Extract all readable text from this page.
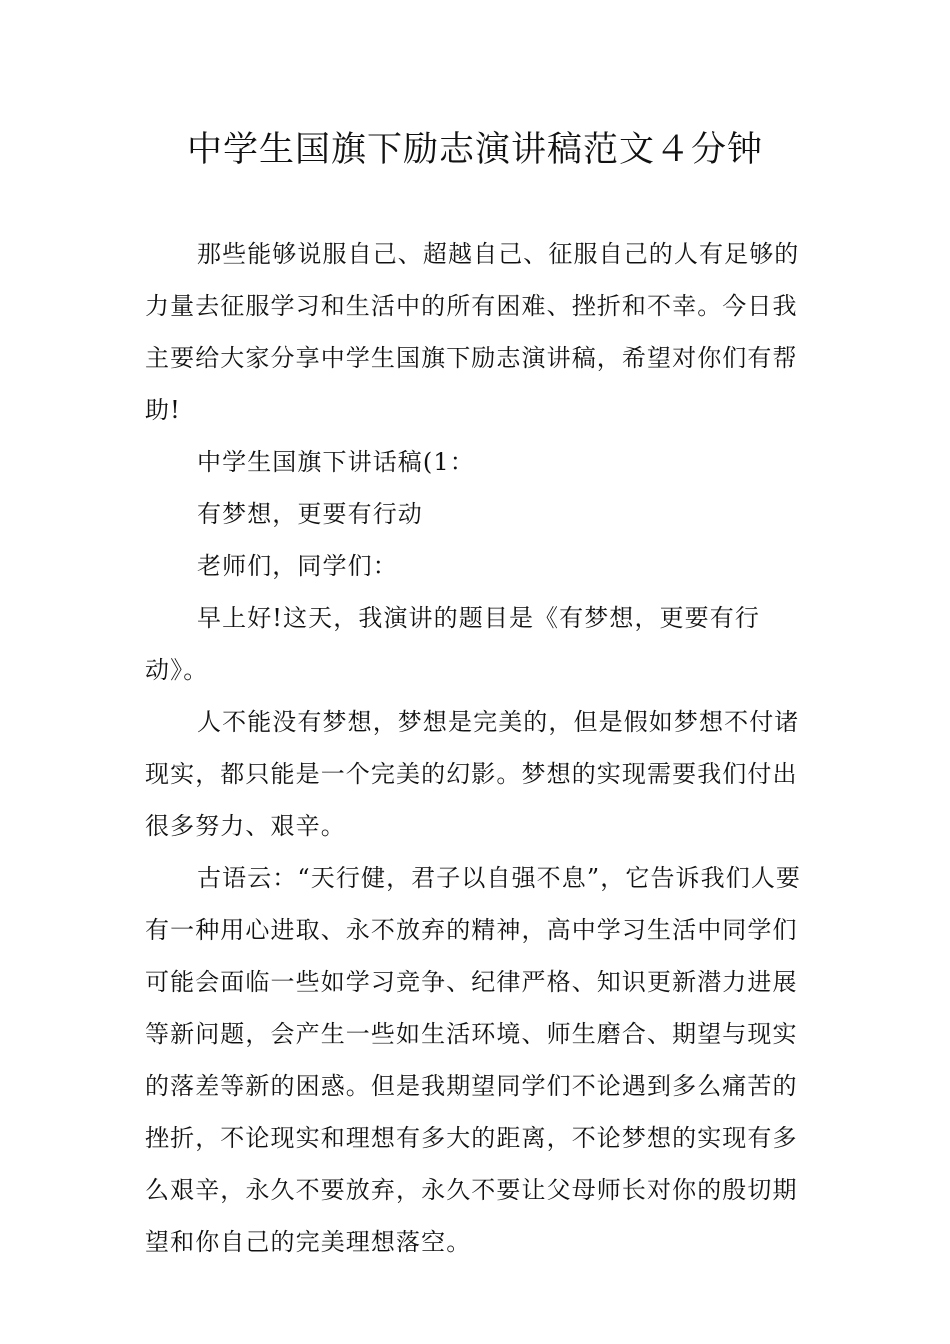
中学生国旗下励志演讲稿范文４分钟

那些能够说服自己、超越自己、征服自己的人有足够的力量去征服学习和生活中的所有困难、挫折和不幸。今日我主要给大家分享中学生国旗下励志演讲稿，希望对你们有帮助!

中学生国旗下讲话稿(1：

有梦想，更要有行动

老师们，同学们：

早上好!这天，我演讲的题目是《有梦想，更要有行动》。

人不能没有梦想，梦想是完美的，但是假如梦想不付诸现实，都只能是一个完美的幻影。梦想的实现需要我们付出很多努力、艰辛。

古语云：“天行健，君子以自强不息”，它告诉我们人要有一种用心进取、永不放弃的精神，高中学习生活中同学们可能会面临一些如学习竞争、纪律严格、知识更新潜力进展等新问题，会产生一些如生活环境、师生磨合、期望与现实的落差等新的困惑。但是我期望同学们不论遇到多么痛苦的挫折，不论现实和理想有多大的距离，不论梦想的实现有多么艰辛，永久不要放弃，永久不要让父母师长对你的殷切期望和你自己的完美理想落空。
